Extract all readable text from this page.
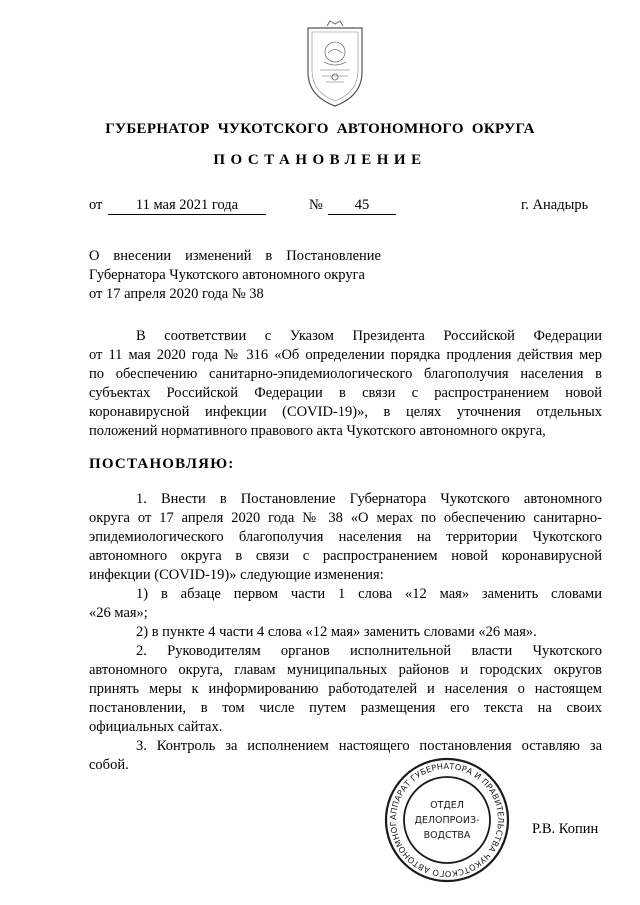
ГУБЕРНАТОР ЧУКОТСКОГО АВТОНОМНОГО ОКРУГА
ПОСТАНОВЛЕНИЕ
от	11 мая 2021 года	№	45	г. Анадырь
О внесении изменений в Постановление
Губернатора Чукотского автономного округа
от 17 апреля 2020 года № 38
В соответствии с Указом Президента Российской Федерации
от 11 мая 2020 года № 316 «Об определении порядка продления действия мер
по обеспечению санитарно-эпидемиологического благополучия населения в
субъектах Российской Федерации в связи с распространением новой
коронавирусной инфекции (COVID-19)», в целях уточнения отдельных
положений нормативного правового акта Чукотского автономного округа,
ПОСТАНОВЛЯЮ:
1. Внести в Постановление Губернатора Чукотского автономного
округа от 17 апреля 2020 года № 38 «О мерах по обеспечению санитарно-
эпидемиологического благополучия населения на территории Чукотского
автономного округа в связи с распространением новой коронавирусной
инфекции (COVID-19)» следующие изменения:
1) в абзаце первом части 1 слова «12 мая» заменить словами
«26 мая»;
2) в пункте 4 части 4 слова «12 мая» заменить словами «26 мая».
2. Руководителям органов исполнительной власти Чукотского
автономного округа, главам муниципальных районов и городских округов
принять меры к информированию работодателей и населения о настоящем
постановлении, в том числе путем размещения его текста на своих
официальных сайтах.
3. Контроль за исполнением настоящего постановления оставляю за
собой.
АППАРАТ ГУБЕРНАТОРА И ПРАВИТЕЛЬСТВА ЧУКОТСКОГО АВТОНОМНОГ
ОТДЕЛ
ДЕЛОПРОИЗ-
ВОДСТВА	Р.В. Копин
